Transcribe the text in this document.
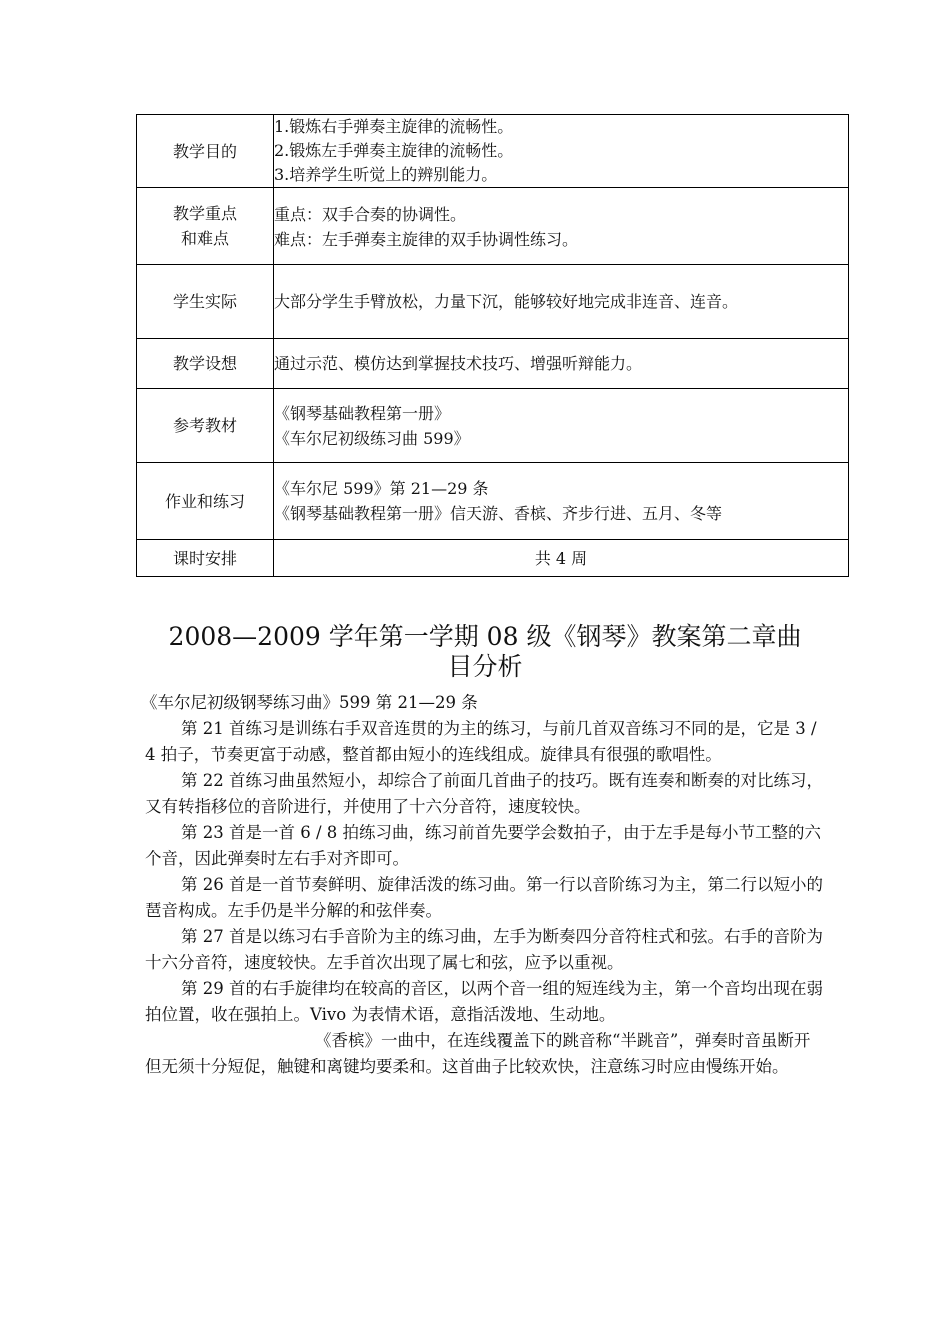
教学目的	1.锻炼右手弹奏主旋律的流畅性。
2.锻炼左手弹奏主旋律的流畅性。
3.培养学生听觉上的辨别能力。

教学重点
和难点	重点：双手合奏的协调性。
难点：左手弹奏主旋律的双手协调性练习。

学生实际	大部分学生手臂放松，力量下沉，能够较好地完成非连音、连音。

教学设想	通过示范、模仿达到掌握技术技巧、增强听辩能力。

参考教材	《钢琴基础教程第一册》
《车尔尼初级练习曲 599》

作业和练习	《车尔尼 599》第 21—29 条
《钢琴基础教程第一册》信天游、香槟、齐步行进、五月、冬等

课时安排	共 4 周
2008—2009 学年第一学期 08 级《钢琴》教案第二章曲
目分析

《车尔尼初级钢琴练习曲》599 第 21—29 条

第 21 首练习是训练右手双音连贯的为主的练习，与前几首双音练习不同的是，它是 3 / 4 拍子，节奏更富于动感，整首都由短小的连线组成。旋律具有很强的歌唱性。

第 22 首练习曲虽然短小，却综合了前面几首曲子的技巧。既有连奏和断奏的对比练习，又有转指移位的音阶进行，并使用了十六分音符，速度较快。

第 23 首是一首 6 / 8 拍练习曲，练习前首先要学会数拍子，由于左手是每小节工整的六个音，因此弹奏时左右手对齐即可。

第 26 首是一首节奏鲜明、旋律活泼的练习曲。第一行以音阶练习为主，第二行以短小的琶音构成。左手仍是半分解的和弦伴奏。

第 27 首是以练习右手音阶为主的练习曲，左手为断奏四分音符柱式和弦。右手的音阶为十六分音符，速度较快。左手首次出现了属七和弦，应予以重视。

第 29 首的右手旋律均在较高的音区，以两个音一组的短连线为主，第一个音均出现在弱拍位置，收在强拍上。Vivo 为表情术语，意指活泼地、生动地。

《香槟》一曲中，在连线覆盖下的跳音称“半跳音”，弹奏时音虽断开但无须十分短促，触键和离键均要柔和。这首曲子比较欢快，注意练习时应由慢练开始。
